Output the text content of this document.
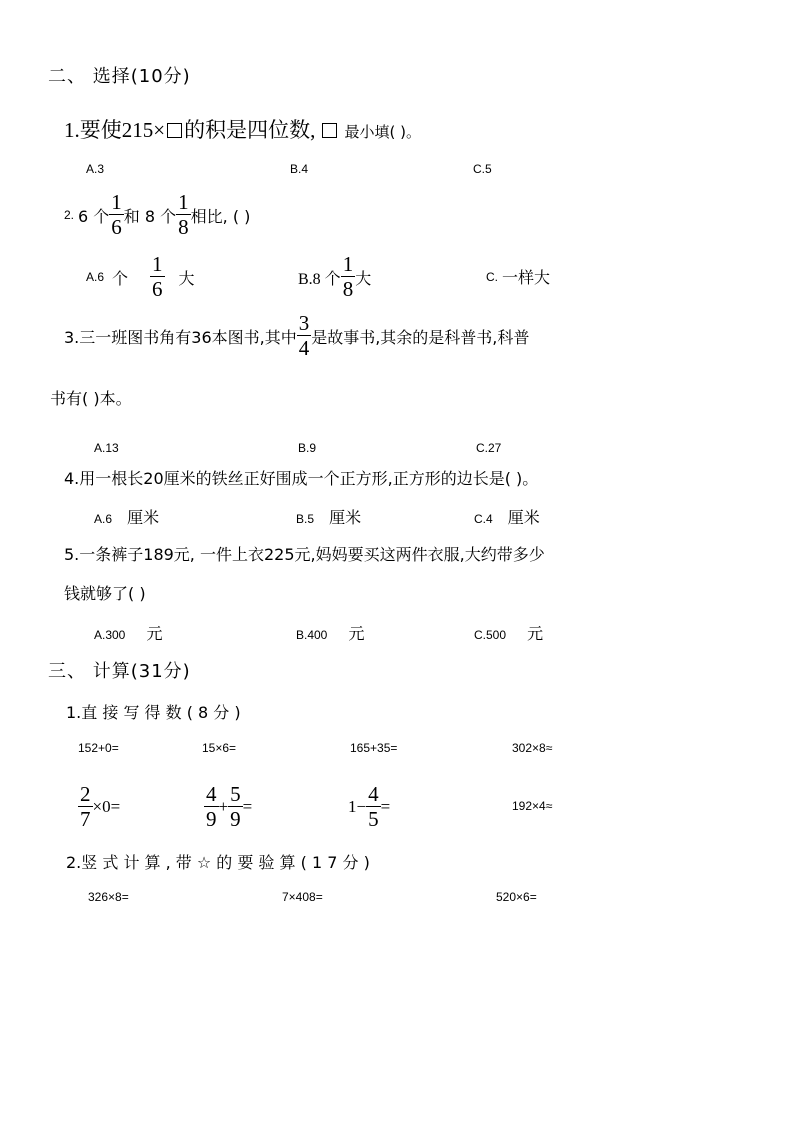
二、 选择(10分)
1.要使215× 的积是四位数, 最小填( )。
A.3	B.4	C.5
2. 6 个 $\frac{1}{6}$ 和 8 个 $\frac{1}{8}$ 相比, ( )
A.6 个 $\frac{1}{6}$ 大	B.8 个 $\frac{1}{8}$ 大	C. 一样大
3.三一班图书角有36本图书,其中 $\frac{3}{4}$ 是故事书,其余的是科普书,科普
书有( )本。
A.13	B.9	C.27
4.用一根长20厘米的铁丝正好围成一个正方形,正方形的边长是( )。
A.6 厘米	B.5 厘米	C.4 厘米
5.一条裤子189元, 一件上衣225元,妈妈要买这两件衣服,大约带多少
钱就够了( )
A.300 元	B.400 元	C.500 元
三、 计算(31分)
1.直 接 写 得 数 ( 8 分 )
152+0=	15×6=	165+35=	302×8≈
$\frac{2}{7} \times 0=$	$\frac{4}{9} + \frac{5}{9}$ =	$1- \frac{4}{5}$ =	192×4≈
2.竖 式 计 算 , 带 ☆ 的 要 验 算 ( 1 7 分 )
326×8=	7×408=	520×6=
